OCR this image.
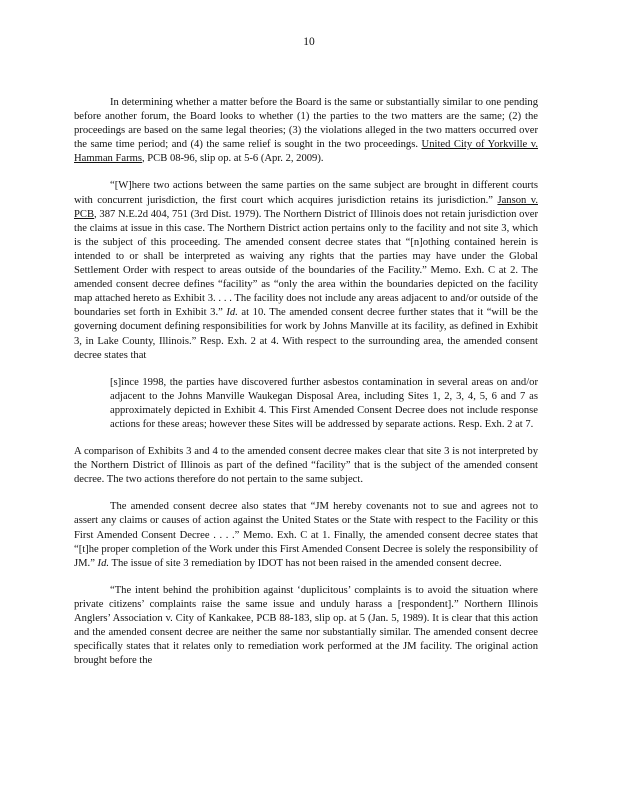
10

In determining whether a matter before the Board is the same or substantially similar to one pending before another forum, the Board looks to whether (1) the parties to the two matters are the same; (2) the proceedings are based on the same legal theories; (3) the violations alleged in the two matters occurred over the same time period; and (4) the same relief is sought in the two proceedings. United City of Yorkville v. Hamman Farms, PCB 08-96, slip op. at 5-6 (Apr. 2, 2009).

“[W]here two actions between the same parties on the same subject are brought in different courts with concurrent jurisdiction, the first court which acquires jurisdiction retains its jurisdiction.” Janson v. PCB, 387 N.E.2d 404, 751 (3rd Dist. 1979). The Northern District of Illinois does not retain jurisdiction over the claims at issue in this case. The Northern District action pertains only to the facility and not site 3, which is the subject of this proceeding. The amended consent decree states that “[n]othing contained herein is intended to or shall be interpreted as waiving any rights that the parties may have under the Global Settlement Order with respect to areas outside of the boundaries of the Facility.” Memo. Exh. C at 2. The amended consent decree defines “facility” as “only the area within the boundaries depicted on the facility map attached hereto as Exhibit 3. . . . The facility does not include any areas adjacent to and/or outside of the boundaries set forth in Exhibit 3.” Id. at 10. The amended consent decree further states that it “will be the governing document defining responsibilities for work by Johns Manville at its facility, as defined in Exhibit 3, in Lake County, Illinois.” Resp. Exh. 2 at 4. With respect to the surrounding area, the amended consent decree states that

[s]ince 1998, the parties have discovered further asbestos contamination in several areas on and/or adjacent to the Johns Manville Waukegan Disposal Area, including Sites 1, 2, 3, 4, 5, 6 and 7 as approximately depicted in Exhibit 4. This First Amended Consent Decree does not include response actions for these areas; however these Sites will be addressed by separate actions. Resp. Exh. 2 at 7.

A comparison of Exhibits 3 and 4 to the amended consent decree makes clear that site 3 is not interpreted by the Northern District of Illinois as part of the defined “facility” that is the subject of the amended consent decree. The two actions therefore do not pertain to the same subject.

The amended consent decree also states that “JM hereby covenants not to sue and agrees not to assert any claims or causes of action against the United States or the State with respect to the Facility or this First Amended Consent Decree . . . .” Memo. Exh. C at 1. Finally, the amended consent decree states that “[t]he proper completion of the Work under this First Amended Consent Decree is solely the responsibility of JM.” Id. The issue of site 3 remediation by IDOT has not been raised in the amended consent decree.

“The intent behind the prohibition against ‘duplicitous’ complaints is to avoid the situation where private citizens’ complaints raise the same issue and unduly harass a [respondent].” Northern Illinois Anglers’ Association v. City of Kankakee, PCB 88-183, slip op. at 5 (Jan. 5, 1989). It is clear that this action and the amended consent decree are neither the same nor substantially similar. The amended consent decree specifically states that it relates only to remediation work performed at the JM facility. The original action brought before the
